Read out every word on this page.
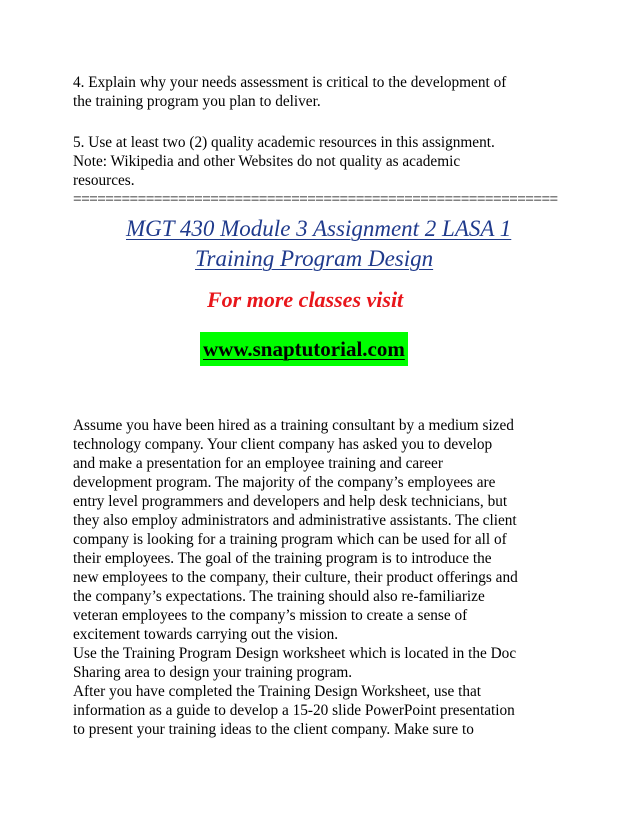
4. Explain why your needs assessment is critical to the development of
the training program you plan to deliver.
5. Use at least two (2) quality academic resources in this assignment.
Note: Wikipedia and other Websites do not quality as academic
resources.
============================================================
MGT 430 Module 3 Assignment 2 LASA 1
Training Program Design
For more classes visit
www.snaptutorial.com
Assume you have been hired as a training consultant by a medium sized
technology company. Your client company has asked you to develop
and make a presentation for an employee training and career
development program. The majority of the company’s employees are
entry level programmers and developers and help desk technicians, but
they also employ administrators and administrative assistants. The client
company is looking for a training program which can be used for all of
their employees. The goal of the training program is to introduce the
new employees to the company, their culture, their product offerings and
the company’s expectations. The training should also re-familiarize
veteran employees to the company’s mission to create a sense of
excitement towards carrying out the vision.
Use the Training Program Design worksheet which is located in the Doc
Sharing area to design your training program.
After you have completed the Training Design Worksheet, use that
information as a guide to develop a 15-20 slide PowerPoint presentation
to present your training ideas to the client company. Make sure to
